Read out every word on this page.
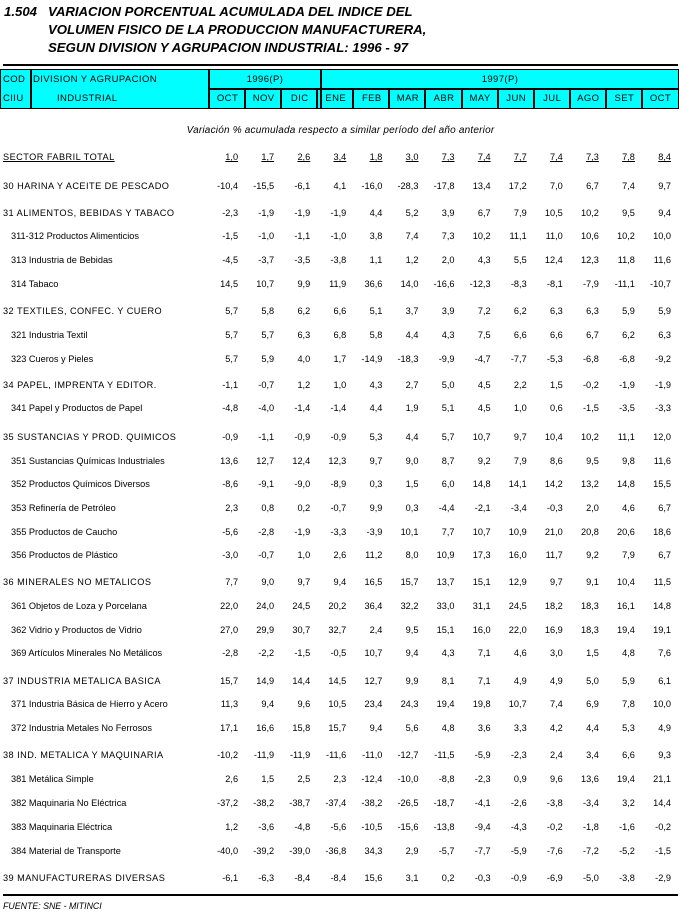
1.504 VARIACION PORCENTUAL ACUMULADA DEL INDICE DEL
VOLUMEN FISICO DE LA PRODUCCION MANUFACTURERA,
SEGUN DIVISION Y AGRUPACION INDUSTRIAL: 1996 - 97
COD
CIIU
DIVISION Y AGRUPACION
INDUSTRIAL
1996(P)	1997(P)
OCT	NOV	DIC	ENE	FEB	MAR	ABR	MAY	JUN	JUL	AGO	SET	OCT
Variación % acumulada respecto a similar período del año anterior
SECTOR FABRIL TOTAL	1,0	1,7	2,6	3,4	1,8	3,0	7,3	7,4	7,7	7,4	7,3	7,8	8,4
30 HARINA Y ACEITE DE PESCADO	-10,4	-15,5	-6,1	4,1	-16,0	-28,3	-17,8	13,4	17,2	7,0	6,7	7,4	9,7
31 ALIMENTOS, BEBIDAS Y TABACO	-2,3	-1,9	-1,9	-1,9	4,4	5,2	3,9	6,7	7,9	10,5	10,2	9,5	9,4
311-312 Productos Alimenticios	-1,5	-1,0	-1,1	-1,0	3,8	7,4	7,3	10,2	11,1	11,0	10,6	10,2	10,0
313 Industria de Bebidas	-4,5	-3,7	-3,5	-3,8	1,1	1,2	2,0	4,3	5,5	12,4	12,3	11,8	11,6
314 Tabaco	14,5	10,7	9,9	11,9	36,6	14,0	-16,6	-12,3	-8,3	-8,1	-7,9	-11,1	-10,7
32 TEXTILES, CONFEC. Y CUERO	5,7	5,8	6,2	6,6	5,1	3,7	3,9	7,2	6,2	6,3	6,3	5,9	5,9
321 Industria Textil	5,7	5,7	6,3	6,8	5,8	4,4	4,3	7,5	6,6	6,6	6,7	6,2	6,3
323 Cueros y Pieles	5,7	5,9	4,0	1,7	-14,9	-18,3	-9,9	-4,7	-7,7	-5,3	-6,8	-6,8	-9,2
34 PAPEL, IMPRENTA Y EDITOR.	-1,1	-0,7	1,2	1,0	4,3	2,7	5,0	4,5	2,2	1,5	-0,2	-1,9	-1,9
341 Papel y Productos de Papel	-4,8	-4,0	-1,4	-1,4	4,4	1,9	5,1	4,5	1,0	0,6	-1,5	-3,5	-3,3
35 SUSTANCIAS Y PROD. QUIMICOS	-0,9	-1,1	-0,9	-0,9	5,3	4,4	5,7	10,7	9,7	10,4	10,2	11,1	12,0
351 Sustancias Químicas Industriales	13,6	12,7	12,4	12,3	9,7	9,0	8,7	9,2	7,9	8,6	9,5	9,8	11,6
352 Productos Químicos Diversos	-8,6	-9,1	-9,0	-8,9	0,3	1,5	6,0	14,8	14,1	14,2	13,2	14,8	15,5
353 Refinería de Petróleo	2,3	0,8	0,2	-0,7	9,9	0,3	-4,4	-2,1	-3,4	-0,3	2,0	4,6	6,7
355 Productos de Caucho	-5,6	-2,8	-1,9	-3,3	-3,9	10,1	7,7	10,7	10,9	21,0	20,8	20,6	18,6
356 Productos de Plástico	-3,0	-0,7	1,0	2,6	11,2	8,0	10,9	17,3	16,0	11,7	9,2	7,9	6,7
36 MINERALES NO METALICOS	7,7	9,0	9,7	9,4	16,5	15,7	13,7	15,1	12,9	9,7	9,1	10,4	11,5
361 Objetos de Loza y Porcelana	22,0	24,0	24,5	20,2	36,4	32,2	33,0	31,1	24,5	18,2	18,3	16,1	14,8
362 Vidrio y Productos de Vidrio	27,0	29,9	30,7	32,7	2,4	9,5	15,1	16,0	22,0	16,9	18,3	19,4	19,1
369 Artículos Minerales No Metálicos	-2,8	-2,2	-1,5	-0,5	10,7	9,4	4,3	7,1	4,6	3,0	1,5	4,8	7,6
37 INDUSTRIA METALICA BASICA	15,7	14,9	14,4	14,5	12,7	9,9	8,1	7,1	4,9	4,9	5,0	5,9	6,1
371 Industria Básica de Hierro y Acero	11,3	9,4	9,6	10,5	23,4	24,3	19,4	19,8	10,7	7,4	6,9	7,8	10,0
372 Industria Metales No Ferrosos	17,1	16,6	15,8	15,7	9,4	5,6	4,8	3,6	3,3	4,2	4,4	5,3	4,9
38 IND. METALICA Y MAQUINARIA	-10,2	-11,9	-11,9	-11,6	-11,0	-12,7	-11,5	-5,9	-2,3	2,4	3,4	6,6	9,3
381 Metálica Simple	2,6	1,5	2,5	2,3	-12,4	-10,0	-8,8	-2,3	0,9	9,6	13,6	19,4	21,1
382 Maquinaria No Eléctrica	-37,2	-38,2	-38,7	-37,4	-38,2	-26,5	-18,7	-4,1	-2,6	-3,8	-3,4	3,2	14,4
383 Maquinaria Eléctrica	1,2	-3,6	-4,8	-5,6	-10,5	-15,6	-13,8	-9,4	-4,3	-0,2	-1,8	-1,6	-0,2
384 Material de Transporte	-40,0	-39,2	-39,0	-36,8	34,3	2,9	-5,7	-7,7	-5,9	-7,6	-7,2	-5,2	-1,5
39 MANUFACTURERAS DIVERSAS	-6,1	-6,3	-8,4	-8,4	15,6	3,1	0,2	-0,3	-0,9	-6,9	-5,0	-3,8	-2,9
FUENTE: SNE - MITINCI
